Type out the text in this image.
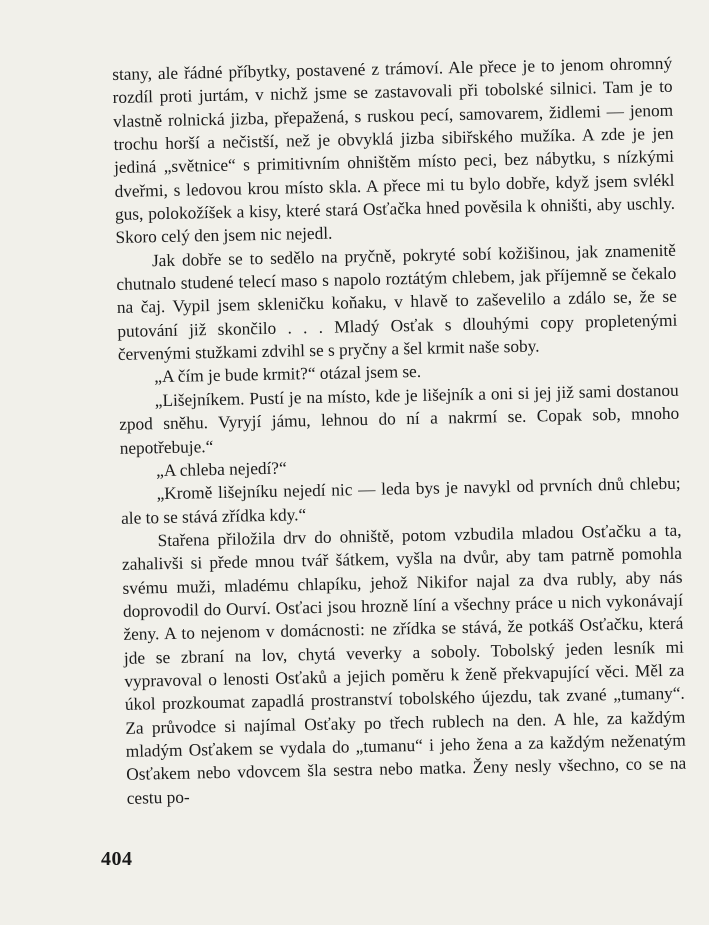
stany, ale řádné příbytky, postavené z trámoví. Ale přece je to jenom ohromný rozdíl proti jurtám, v nichž jsme se zastavovali při tobolské silnici. Tam je to vlastně rolnická jizba, přepažená, s ruskou pecí, samovarem, židlemi — jenom trochu horší a nečistší, než je obvyklá jizba sibiřského mužíka. A zde je jen jediná „světnice“ s primitivním ohništěm místo peci, bez nábytku, s nízkými dveřmi, s ledovou krou místo skla. A přece mi tu bylo dobře, když jsem svlékl gus, polokožíšek a kisy, které stará Osťačka hned pověsila k ohništi, aby uschly. Skoro celý den jsem nic nejedl.

Jak dobře se to sedělo na pryčně, pokryté sobí kožišinou, jak znamenitě chutnalo studené telecí maso s napolo roztátým chlebem, jak příjemně se čekalo na čaj. Vypil jsem skleničku koňaku, v hlavě to zaševelilo a zdálo se, že se putování již skončilo . . . Mladý Osťak s dlouhými copy propletenými červenými stužkami zdvihl se s pryčny a šel krmit naše soby.

„A čím je bude krmit?“ otázal jsem se.

„Lišejníkem. Pustí je na místo, kde je lišejník a oni si jej již sami dostanou zpod sněhu. Vyryjí jámu, lehnou do ní a nakrmí se. Copak sob, mnoho nepotřebuje.“

„A chleba nejedí?“

„Kromě lišejníku nejedí nic — leda bys je navykl od prvních dnů chlebu; ale to se stává zřídka kdy.“

Stařena přiložila drv do ohniště, potom vzbudila mladou Osťačku a ta, zahalivši si předе mnou tvář šátkem, vyšla na dvůr, aby tam patrně pomohla svému muži, mladému chlapíku, jehož Nikifor najal za dva rubly, aby nás doprovodil do Ourví. Osťaci jsou hrozně líní a všechny práce u nich vykonávají ženy. A to nejenom v domácnosti: ne zřídka se stává, že potkáš Osťačku, která jde se zbraní na lov, chytá veverky a soboly. Tobolský jeden lesník mi vypravoval o lenosti Osťaků a jejich poměru k ženě překvapující věci. Měl za úkol prozkoumat zapadlá prostranství tobolského újezdu, tak zvané „tumany“. Za průvodce si najímal Osťaky po třech rublech na den. A hle, za každým mladým Osťakem se vydala do „tumanu“ i jeho žena a za každým neženatým Osťakem nebo vdovcem šla sestra nebo matka. Ženy nesly všechno, co se na cestu po-

404
